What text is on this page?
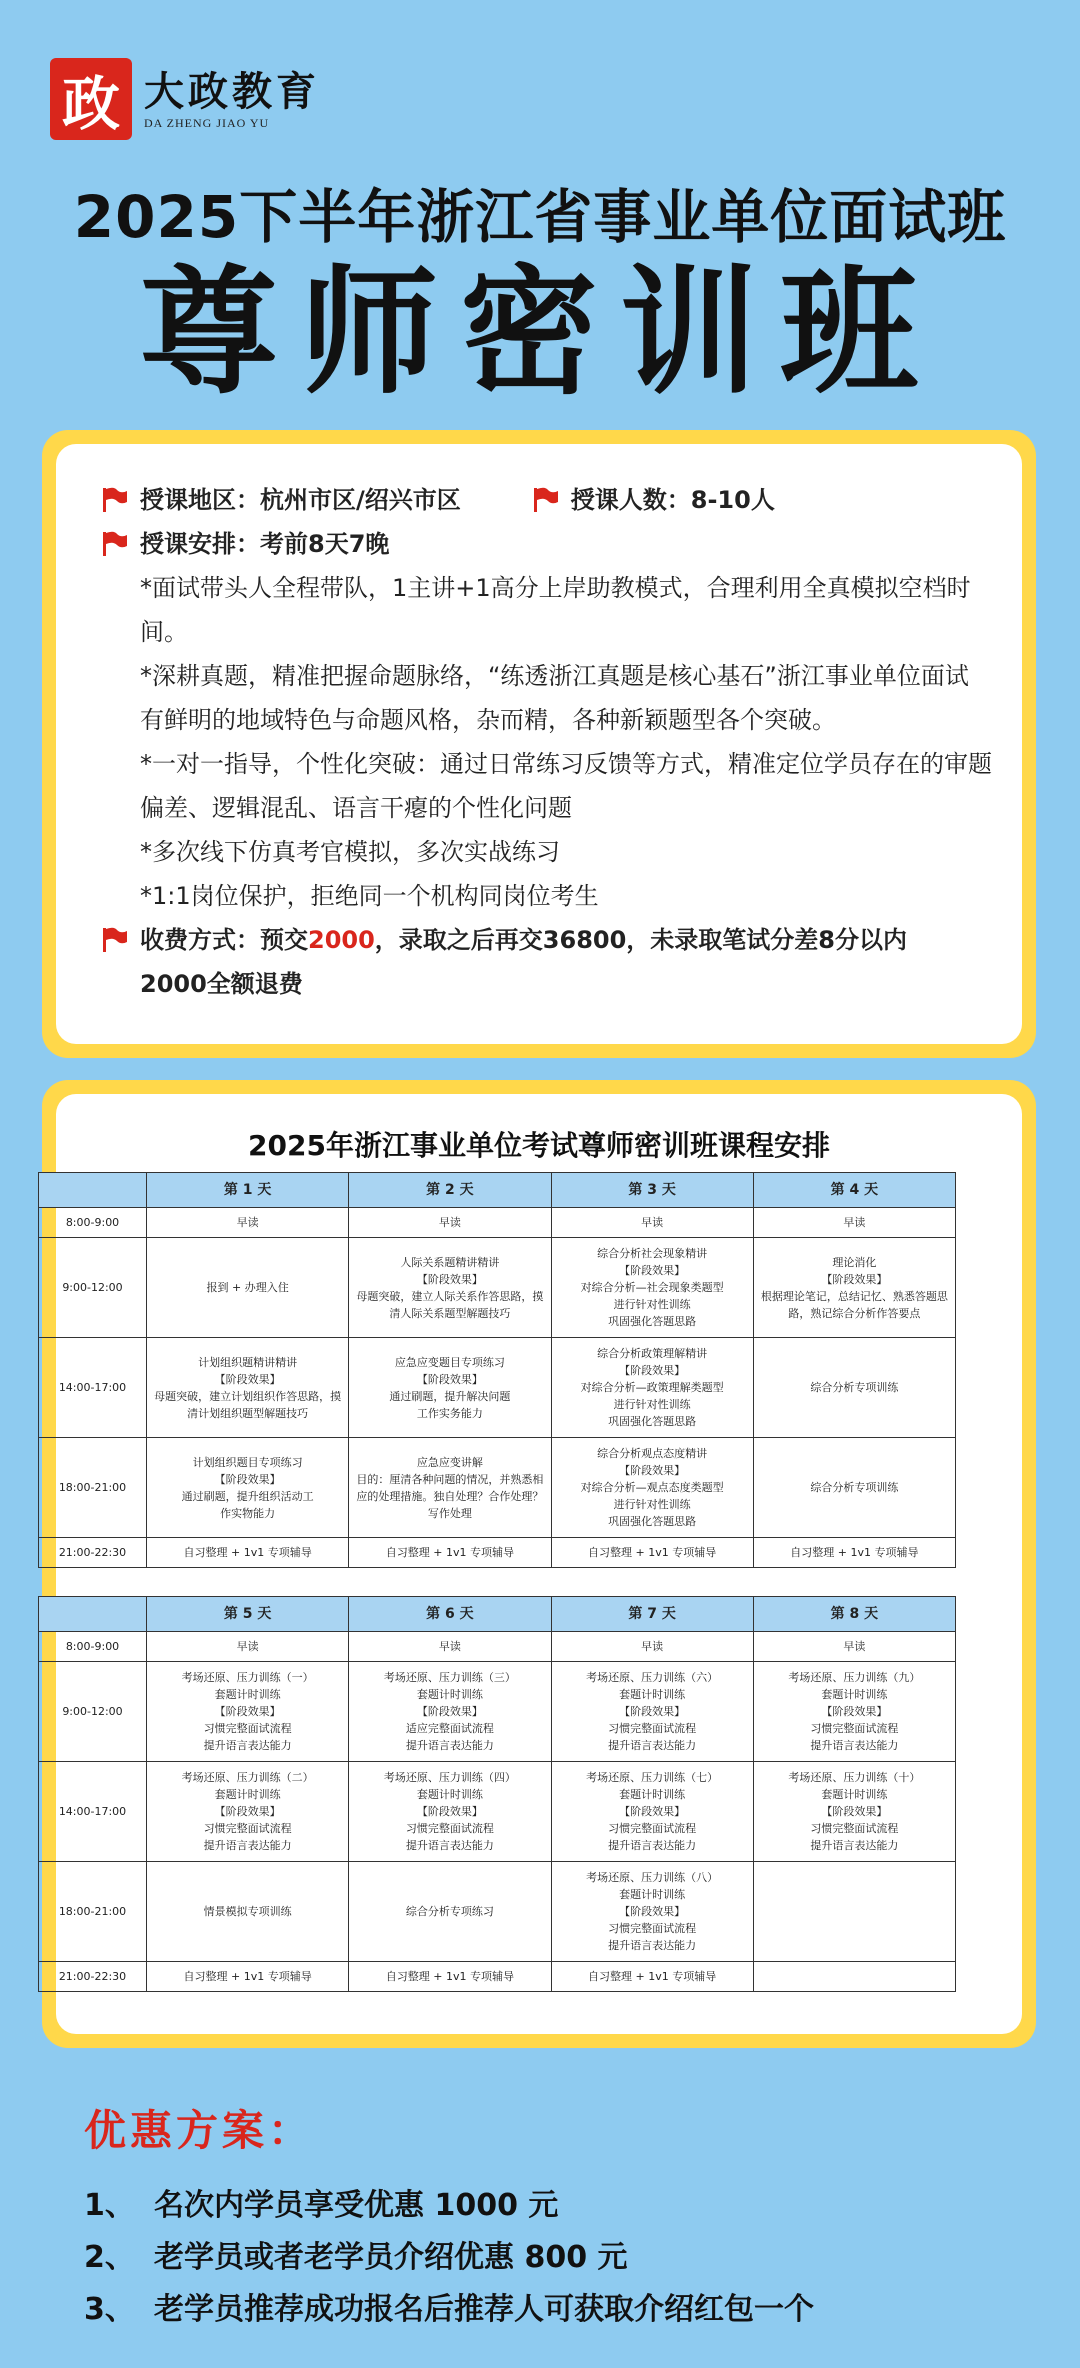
政 大政教育
DA ZHENG JIAO YU
2025下半年浙江省事业单位面试班
尊师密训班
授课地区： 杭州市区/绍兴市区	授课人数： 8-10人
授课安排： 考前8天7晚
*面试带头人全程带队，1主讲+1高分上岸助教模式，合理利用全真模拟空档时间。
*深耕真题，精准把握命题脉络，“练透浙江真题是核心基石”浙江事业单位面试有鲜明的地域特色与命题风格，杂而精，各种新颖题型各个突破。
*一对一指导，个性化突破：通过日常练习反馈等方式，精准定位学员存在的审题偏差、逻辑混乱、语言干瘪的个性化问题
*多次线下仿真考官模拟，多次实战练习
*1:1岗位保护，拒绝同一个机构同岗位考生
收费方式： 预交 2000 ，录取之后再交36800，未录取笔试分差8分以内
2000全额退费
2025年浙江事业单位考试尊师密训班课程安排
	第 1 天	第 2 天	第 3 天	第 4 天
8:00-9:00	早读	早读	早读	早读
9:00-12:00	报到 + 办理入住	人际关系题精讲精讲
【阶段效果】
母题突破，建立人际关系作答思路，摸清人际关系题型解题技巧	综合分析社会现象精讲
【阶段效果】
对综合分析—社会现象类题型
进行针对性训练
巩固强化答题思路	理论消化
【阶段效果】
根据理论笔记，总结记忆、熟悉答题思路，熟记综合分析作答要点
14:00-17:00	计划组织题精讲精讲
【阶段效果】
母题突破，建立计划组织作答思路，摸清计划组织题型解题技巧	应急应变题目专项练习
【阶段效果】
通过刷题，提升解决问题
工作实务能力	综合分析政策理解精讲
【阶段效果】
对综合分析—政策理解类题型
进行针对性训练
巩固强化答题思路	综合分析专项训练
18:00-21:00	计划组织题目专项练习
【阶段效果】
通过刷题，提升组织活动工
作实物能力	应急应变讲解
目的：厘清各种问题的情况，并熟悉相应的处理措施。独自处理？合作处理？写作处理	综合分析观点态度精讲
【阶段效果】
对综合分析—观点态度类题型
进行针对性训练
巩固强化答题思路	综合分析专项训练
21:00-22:30	自习整理 + 1v1 专项辅导	自习整理 + 1v1 专项辅导	自习整理 + 1v1 专项辅导	自习整理 + 1v1 专项辅导
	第 5 天	第 6 天	第 7 天	第 8 天
8:00-9:00	早读	早读	早读	早读
9:00-12:00	考场还原、压力训练（一）
套题计时训练
【阶段效果】
习惯完整面试流程
提升语言表达能力	考场还原、压力训练（三）
套题计时训练
【阶段效果】
适应完整面试流程
提升语言表达能力	考场还原、压力训练（六）
套题计时训练
【阶段效果】
习惯完整面试流程
提升语言表达能力	考场还原、压力训练（九）
套题计时训练
【阶段效果】
习惯完整面试流程
提升语言表达能力
14:00-17:00	考场还原、压力训练（二）
套题计时训练
【阶段效果】
习惯完整面试流程
提升语言表达能力	考场还原、压力训练（四）
套题计时训练
【阶段效果】
习惯完整面试流程
提升语言表达能力	考场还原、压力训练（七）
套题计时训练
【阶段效果】
习惯完整面试流程
提升语言表达能力	考场还原、压力训练（十）
套题计时训练
【阶段效果】
习惯完整面试流程
提升语言表达能力
18:00-21:00	情景模拟专项训练	综合分析专项练习	考场还原、压力训练（八）
套题计时训练
【阶段效果】
习惯完整面试流程
提升语言表达能力	
21:00-22:30	自习整理 + 1v1 专项辅导	自习整理 + 1v1 专项辅导	自习整理 + 1v1 专项辅导	
优惠方案：
1、 名次内学员享受优惠 1000 元
2、 老学员或者老学员介绍优惠 800 元
3、 老学员推荐成功报名后推荐人可获取介绍红包一个
